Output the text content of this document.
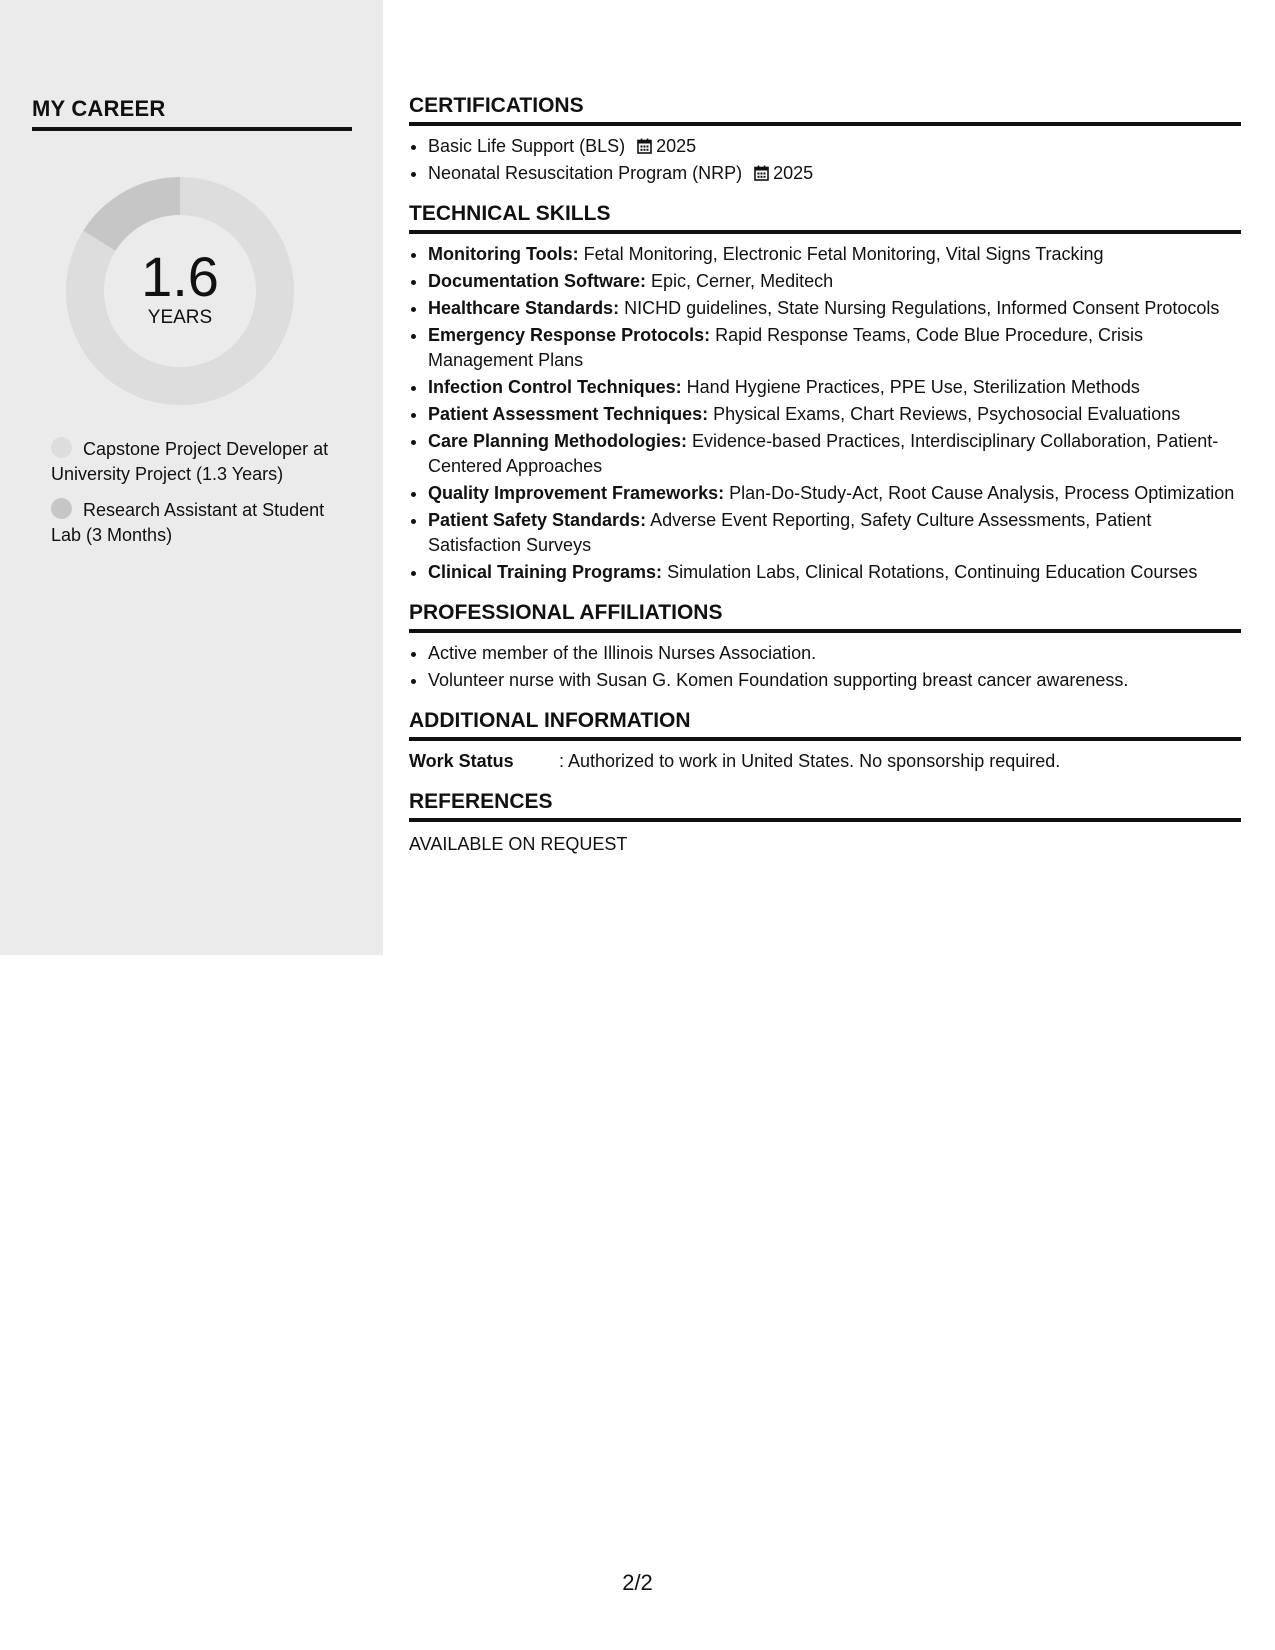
MY CAREER
1.6
YEARS
Capstone Project Developer at University Project (1.3 Years)
Research Assistant at Student Lab (3 Months)
CERTIFICATIONS
• Basic Life Support (BLS) 2025
• Neonatal Resuscitation Program (NRP) 2025
TECHNICAL SKILLS
• Monitoring Tools: Fetal Monitoring, Electronic Fetal Monitoring, Vital Signs Tracking
• Documentation Software: Epic, Cerner, Meditech
• Healthcare Standards: NICHD guidelines, State Nursing Regulations, Informed Consent Protocols
• Emergency Response Protocols: Rapid Response Teams, Code Blue Procedure, Crisis Management Plans
• Infection Control Techniques: Hand Hygiene Practices, PPE Use, Sterilization Methods
• Patient Assessment Techniques: Physical Exams, Chart Reviews, Psychosocial Evaluations
• Care Planning Methodologies: Evidence-based Practices, Interdisciplinary Collaboration, Patient-Centered Approaches
• Quality Improvement Frameworks: Plan-Do-Study-Act, Root Cause Analysis, Process Optimization
• Patient Safety Standards: Adverse Event Reporting, Safety Culture Assessments, Patient Satisfaction Surveys
• Clinical Training Programs: Simulation Labs, Clinical Rotations, Continuing Education Courses
PROFESSIONAL AFFILIATIONS
• Active member of the Illinois Nurses Association.
• Volunteer nurse with Susan G. Komen Foundation supporting breast cancer awareness.
ADDITIONAL INFORMATION
Work Status	: Authorized to work in United States. No sponsorship required.
REFERENCES
AVAILABLE ON REQUEST
2/2
